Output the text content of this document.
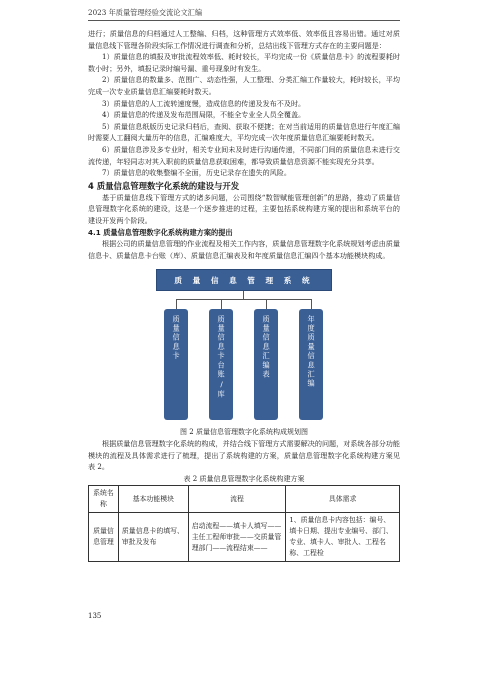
2023 年质量管理经验交流论文汇编

进行；质量信息的归档通过人工整编、归档，这种管理方式效率低、效率低且容易出错。通过对质量信息线下管理各阶段实际工作情况进行调查和分析，总结出线下管理方式存在的主要问题是：

1）质量信息的填报及审批流程效率低、耗时较长，平均完成一份《质量信息卡》的流程要耗时数小时；另外，填报记录时编号漏、重号现象时有发生。

2）质量信息的数量多、范围广、动态性强，人工整理、分类汇编工作量较大，耗时较长，平均完成一次专业质量信息汇编要耗时数天。

3）质量信息的人工流转速度慢，造成信息的传递及发布不及时。

4）质量信息的传递及发布范围局限，不能全专业全人员全覆盖。

5）质量信息纸版历史记录归档后，查阅、获取不便捷；在对当前适用的质量信息进行年度汇编时需要人工翻阅大量历年的信息，汇编难度大，平均完成一次年度质量信息汇编要耗时数天。

6）质量信息涉及多专业时，相关专业间未及时进行沟通传递，不同部门间的质量信息未进行交流传递，年轻同志对其入职前的质量信息获取困难，都导致质量信息资源不能实现充分共享。

7）质量信息的收集整编不全面，历史记录存在遗失的风险。

4 质量信息管理数字化系统的建设与开发

基于质量信息线下管理方式的诸多问题，公司围绕“数智赋能管理创新”的思路，推动了质量信息管理数字化系统的建设，这是一个逐步推进的过程，主要包括系统构建方案的提出和系统平台的建设开发两个阶段。

4.1 质量信息管理数字化系统构建方案的提出

根据公司的质量信息管理的作业流程及相关工作内容，质量信息管理数字化系统规划考虑由质量信息卡、质量信息卡台账（库）、质量信息汇编表及和年度质量信息汇编四个基本功能模块构成。

质 量 信 息 管 理 系 统
质量信息卡	质量信息卡台账/库	质量信息汇编表	年度质量信息汇编
图 2 质量信息管理数字化系统构成规划图

根据质量信息管理数字化系统的构成，并结合线下管理方式需要解决的问题，对系统各部分功能模块的流程及具体需求进行了梳理，提出了系统构建的方案，质量信息管理数字化系统构建方案见表 2。

表 2 质量信息管理数字化系统构建方案
系统名称	基本功能模块	流程	具体需求
质量信息管理	质量信息卡的填写、审批及发布	启动流程——填卡人填写——主任工程师审批——交质量管理部门——流程结束——	1、质量信息卡内容包括：编号、填卡日期、提出专业编号、部门、专业、填卡人、审批人、工程名称、工程检
135
